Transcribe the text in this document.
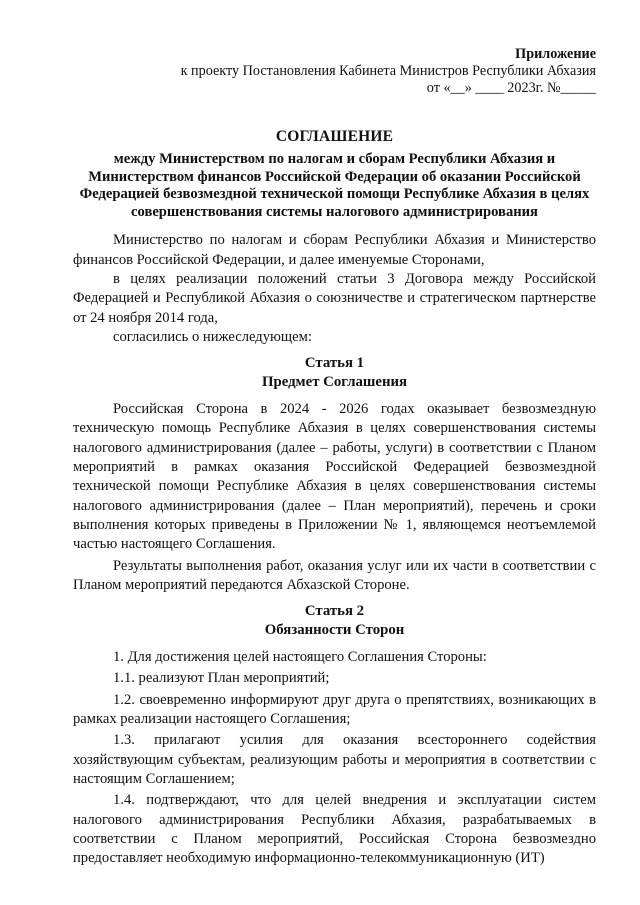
Приложение
к проекту Постановления Кабинета Министров Республики Абхазия
от «__» ____ 2023г. №_____
СОГЛАШЕНИЕ
между Министерством по налогам и сборам Республики Абхазия и Министерством финансов Российской Федерации об оказании Российской Федерацией безвозмездной технической помощи Республике Абхазия в целях совершенствования системы налогового администрирования

Министерство по налогам и сборам Республики Абхазия и Министерство финансов Российской Федерации, и далее именуемые Сторонами,

в целях реализации положений статьи 3 Договора между Российской Федерацией и Республикой Абхазия о союзничестве и стратегическом партнерстве от 24 ноября 2014 года,

согласились о нижеследующем:

Статья 1
Предмет Соглашения

Российская Сторона в 2024 - 2026 годах оказывает безвозмездную техническую помощь Республике Абхазия в целях совершенствования системы налогового администрирования (далее – работы, услуги) в соответствии с Планом мероприятий в рамках оказания Российской Федерацией безвозмездной технической помощи Республике Абхазия в целях совершенствования системы налогового администрирования (далее – План мероприятий), перечень и сроки выполнения которых приведены в Приложении № 1, являющемся неотъемлемой частью настоящего Соглашения.

Результаты выполнения работ, оказания услуг или их части в соответствии с Планом мероприятий передаются Абхазской Стороне.

Статья 2
Обязанности Сторон

1. Для достижения целей настоящего Соглашения Стороны:

1.1. реализуют План мероприятий;

1.2. своевременно информируют друг друга о препятствиях, возникающих в рамках реализации настоящего Соглашения;

1.3. прилагают усилия для оказания всестороннего содействия хозяйствующим субъектам, реализующим работы и мероприятия в соответствии с настоящим Соглашением;

1.4. подтверждают, что для целей внедрения и эксплуатации систем налогового администрирования Республики Абхазия, разрабатываемых в соответствии с Планом мероприятий, Российская Сторона безвозмездно предоставляет необходимую информационно-телекоммуникационную (ИТ)
